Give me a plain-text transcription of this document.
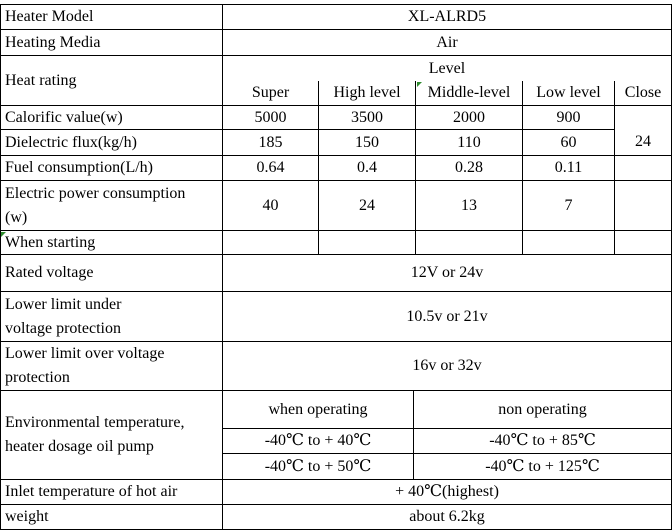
Heater Model	XL-ALRD5
Heating Media	Air
Heat rating
Level
Super	High level	Middle-level	Low level	Close
Calorific value(w)	5000	3500	2000	900
Dielectric flux(kg/h)	185	150	110	60	24
Fuel consumption(L/h)	0.64	0.4	0.28	0.11
Electric power consumption
(w)
40	24	13	7
When starting
Rated voltage	12V or 24v
Lower limit under
voltage protection
10.5v or 21v
Lower limit over voltage
protection
16v or 32v
Environmental temperature,
heater dosage oil pump
when operating	non operating
-40℃ to + 40℃	-40℃ to + 85℃
-40℃ to + 50℃	-40℃ to + 125℃
Inlet temperature of hot air	+ 40℃(highest)
weight	about 6.2kg
